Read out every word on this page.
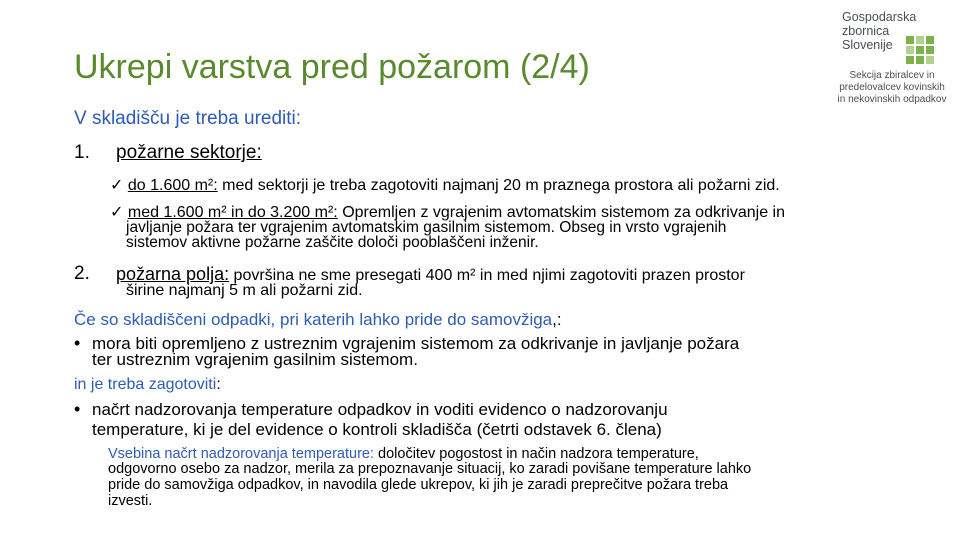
Ukrepi varstva pred požarom (2/4)
Gospodarska
zbornica
Slovenije
Sekcija zbiralcev in
predelovalcev kovinskih
in nekovinskih odpadkov
V skladišču je treba urediti:
1. požarne sektorje:
✓ do 1.600 m²: med sektorji je treba zagotoviti najmanj 20 m praznega prostora ali požarni zid.
✓ med 1.600 m² in do 3.200 m²: Opremljen z vgrajenim avtomatskim sistemom za odkrivanje in
javljanje požara ter vgrajenim avtomatskim gasilnim sistemom. Obseg in vrsto vgrajenih
sistemov aktivne požarne zaščite določi pooblaščeni inženir.
2. požarna polja: površina ne sme presegati 400 m² in med njimi zagotoviti prazen prostor
širine najmanj 5 m ali požarni zid.
Če so skladiščeni odpadki, pri katerih lahko pride do samovžiga,:
• mora biti opremljeno z ustreznim vgrajenim sistemom za odkrivanje in javljanje požara
ter ustreznim vgrajenim gasilnim sistemom.
in je treba zagotoviti:
• načrt nadzorovanja temperature odpadkov in voditi evidenco o nadzorovanju
temperature, ki je del evidence o kontroli skladišča (četrti odstavek 6. člena)
Vsebina načrt nadzorovanja temperature: določitev pogostost in način nadzora temperature,
odgovorno osebo za nadzor, merila za prepoznavanje situacij, ko zaradi povišane temperature lahko
pride do samovžiga odpadkov, in navodila glede ukrepov, ki jih je zaradi preprečitve požara treba
izvesti.
